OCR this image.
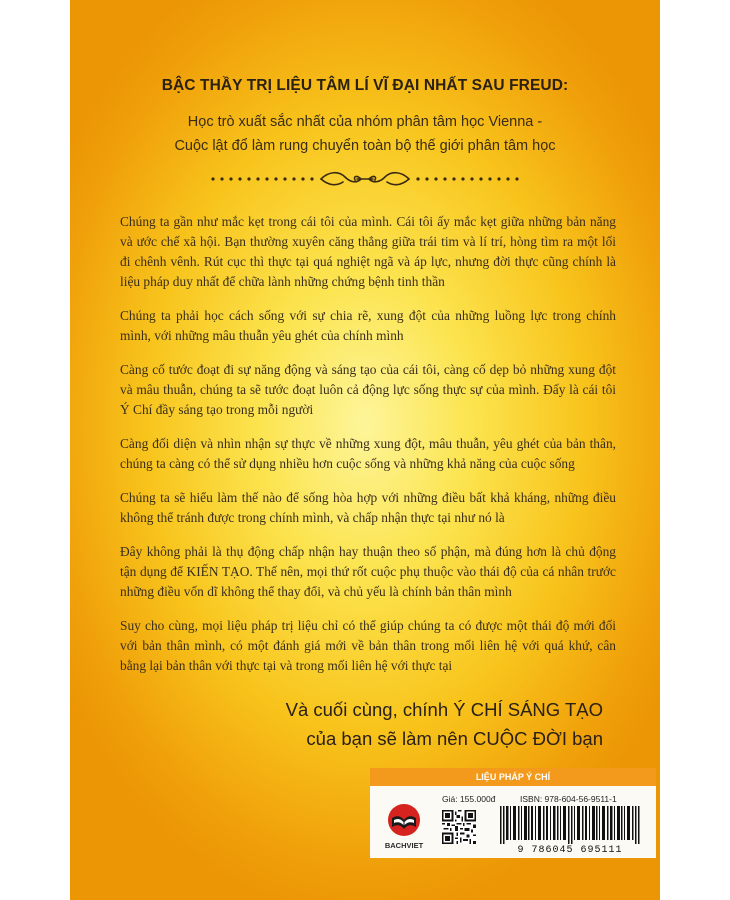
BẬC THẦY TRỊ LIỆU TÂM LÍ VĨ ĐẠI NHẤT SAU FREUD:
Học trò xuất sắc nhất của nhóm phân tâm học Vienna -
Cuộc lật đổ làm rung chuyển toàn bộ thế giới phân tâm học

Chúng ta gần như mắc kẹt trong cái tôi của mình. Cái tôi ấy mắc kẹt giữa những bản năng và ước chế xã hội. Bạn thường xuyên căng thẳng giữa trái tim và lí trí, hòng tìm ra một lối đi chênh vênh. Rút cục thì thực tại quá nghiệt ngã và áp lực, nhưng đời thực cũng chính là liệu pháp duy nhất để chữa lành những chứng bệnh tinh thần

Chúng ta phải học cách sống với sự chia rẽ, xung đột của những luồng lực trong chính mình, với những mâu thuẫn yêu ghét của chính mình

Càng cố tước đoạt đi sự năng động và sáng tạo của cái tôi, càng cố dẹp bỏ những xung đột và mâu thuẫn, chúng ta sẽ tước đoạt luôn cả động lực sống thực sự của mình. Đấy là cái tôi Ý Chí đầy sáng tạo trong mỗi người

Càng đối diện và nhìn nhận sự thực về những xung đột, mâu thuẫn, yêu ghét của bản thân, chúng ta càng có thể sử dụng nhiều hơn cuộc sống và những khả năng của cuộc sống

Chúng ta sẽ hiểu làm thế nào để sống hòa hợp với những điều bất khả kháng, những điều không thể tránh được trong chính mình, và chấp nhận thực tại như nó là

Đây không phải là thụ động chấp nhận hay thuận theo số phận, mà đúng hơn là chủ động tận dụng để KIẾN TẠO. Thế nên, mọi thứ rốt cuộc phụ thuộc vào thái độ của cá nhân trước những điều vốn dĩ không thể thay đổi, và chủ yếu là chính bản thân mình

Suy cho cùng, mọi liệu pháp trị liệu chỉ có thể giúp chúng ta có được một thái độ mới đối với bản thân mình, có một đánh giá mới về bản thân trong mối liên hệ với quá khứ, cân bằng lại bản thân với thực tại và trong mối liên hệ với thực tại

Và cuối cùng, chính Ý CHÍ SÁNG TẠO
của bạn sẽ làm nên CUỘC ĐỜI bạn
LIỆU PHÁP Ý CHÍ
Giá: 155.000đ	ISBN: 978-604-56-9511-1
9 786045 695111
BACHVIET
